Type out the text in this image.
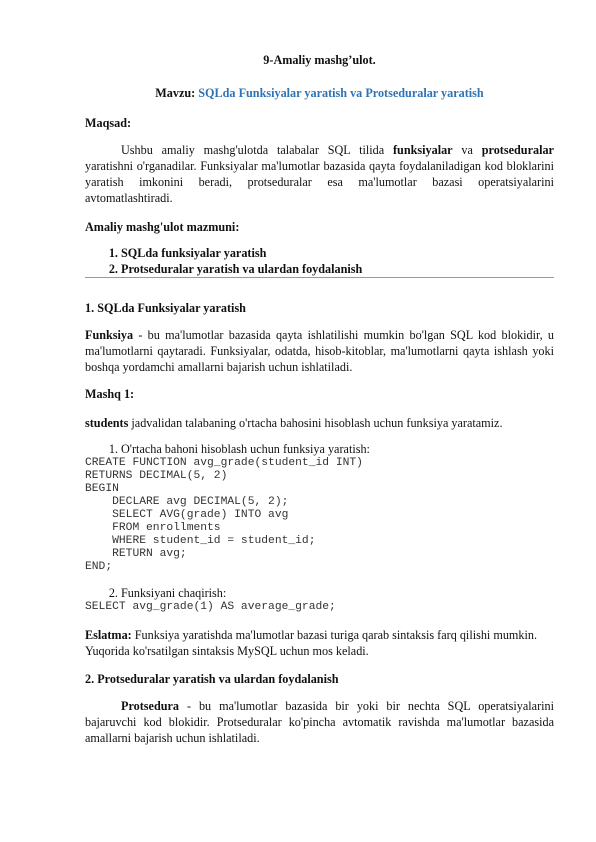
9-Amaliy mashg’ulot.

Mavzu: SQLda Funksiyalar yaratish va Protseduralar yaratish

Maqsad:

Ushbu amaliy mashg'ulotda talabalar SQL tilida funksiyalar va protseduralar yaratishni o'rganadilar. Funksiyalar ma'lumotlar bazasida qayta foydalaniladigan kod bloklarini yaratish imkonini beradi, protseduralar esa ma'lumotlar bazasi operatsiyalarini avtomatlashtiradi.

Amaliy mashg'ulot mazmuni:

1. SQLda funksiyalar yaratish
2. Protseduralar yaratish va ulardan foydalanish

1. SQLda Funksiyalar yaratish

Funksiya - bu ma'lumotlar bazasida qayta ishlatilishi mumkin bo'lgan SQL kod blokidir, u ma'lumotlarni qaytaradi. Funksiyalar, odatda, hisob-kitoblar, ma'lumotlarni qayta ishlash yoki boshqa yordamchi amallarni bajarish uchun ishlatiladi.

Mashq 1:

students jadvalidan talabaning o'rtacha bahosini hisoblash uchun funksiya yaratamiz.

1. O'rtacha bahoni hisoblash uchun funksiya yaratish:
CREATE FUNCTION avg_grade(student_id INT)
RETURNS DECIMAL(5, 2)
BEGIN
DECLARE avg DECIMAL(5, 2);
SELECT AVG(grade) INTO avg
FROM enrollments
WHERE student_id = student_id;
RETURN avg;
END;
2. Funksiyani chaqirish:
SELECT avg_grade(1) AS average_grade;

Eslatma: Funksiya yaratishda ma'lumotlar bazasi turiga qarab sintaksis farq qilishi mumkin. Yuqorida ko'rsatilgan sintaksis MySQL uchun mos keladi.

2. Protseduralar yaratish va ulardan foydalanish

Protsedura - bu ma'lumotlar bazasida bir yoki bir nechta SQL operatsiyalarini bajaruvchi kod blokidir. Protseduralar ko'pincha avtomatik ravishda ma'lumotlar bazasida amallarni bajarish uchun ishlatiladi.
